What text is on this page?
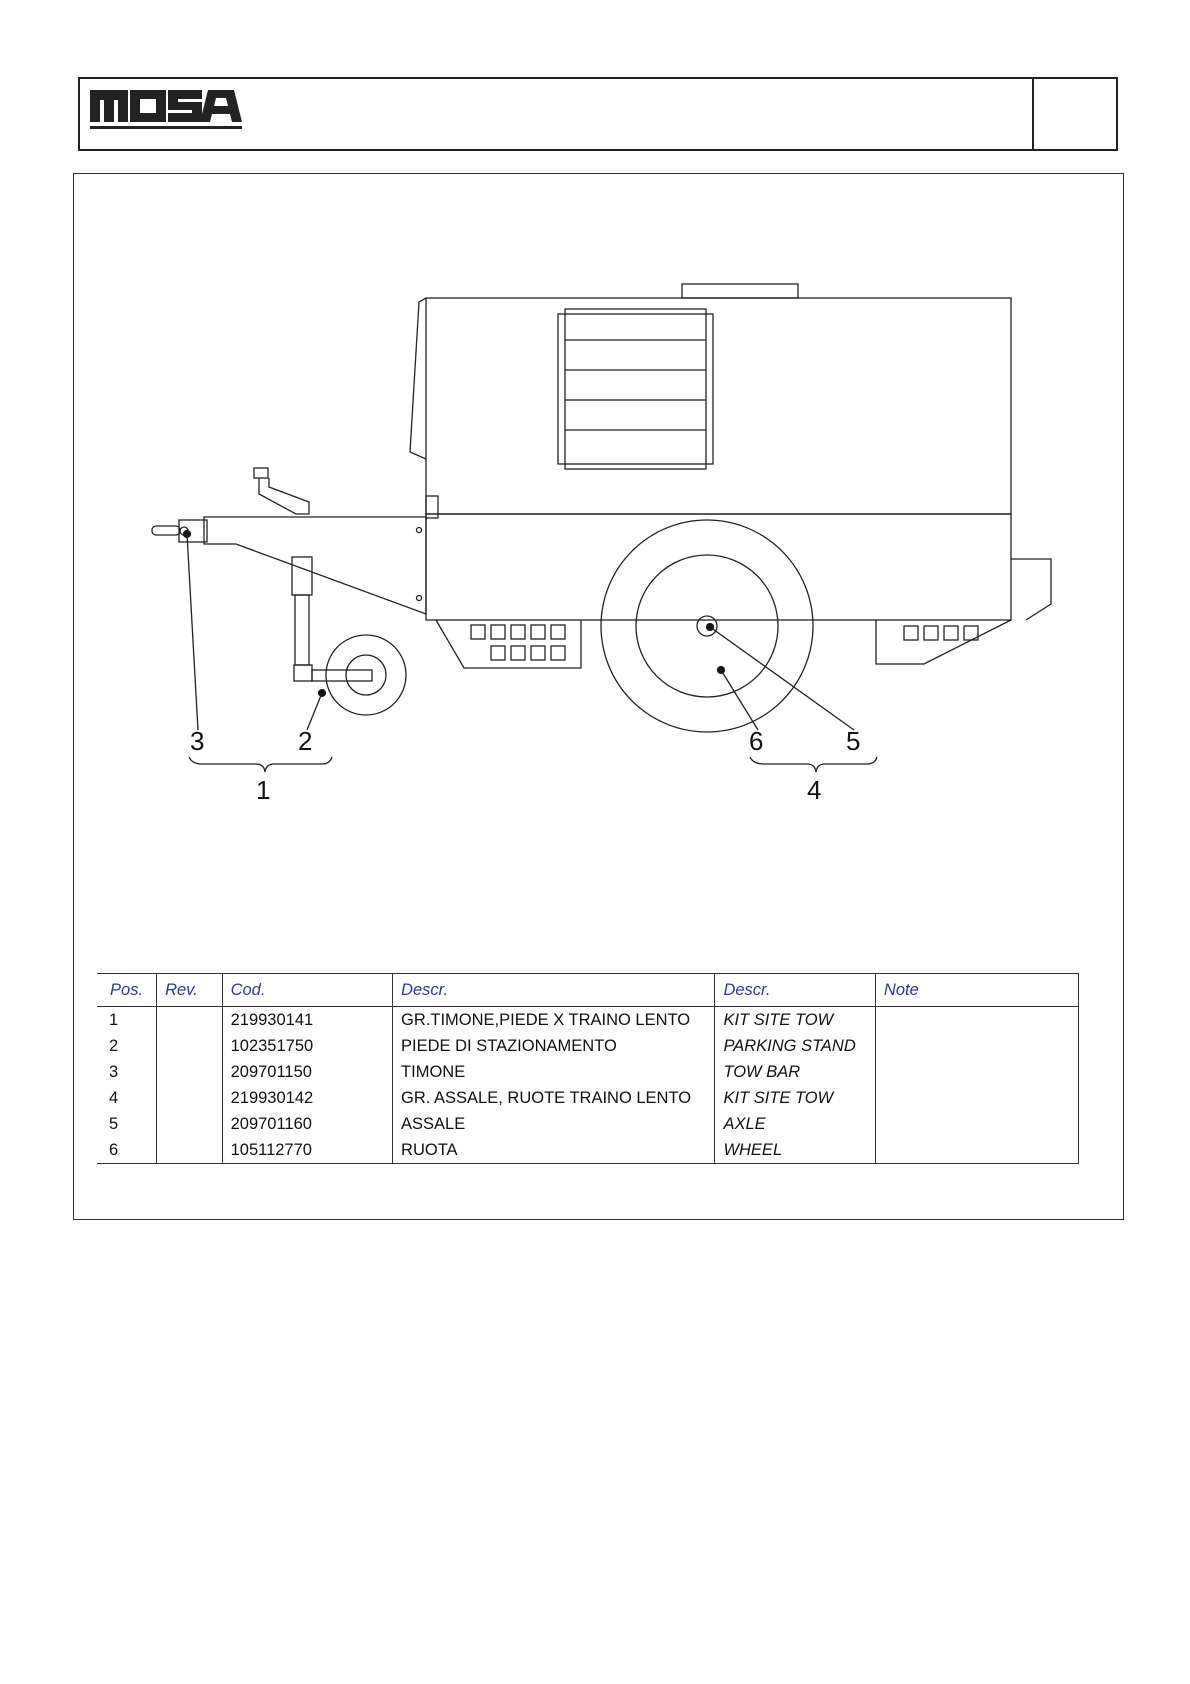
3	2
1
6	5
4
Pos.	Rev.	Cod.	Descr.	Descr.	Note
1		219930141	GR.TIMONE,PIEDE X TRAINO LENTO	KIT SITE TOW	
2		102351750	PIEDE DI STAZIONAMENTO	PARKING STAND	
3		209701150	TIMONE	TOW BAR	
4		219930142	GR. ASSALE, RUOTE TRAINO LENTO	KIT SITE TOW	
5		209701160	ASSALE	AXLE	
6		105112770	RUOTA	WHEEL	
